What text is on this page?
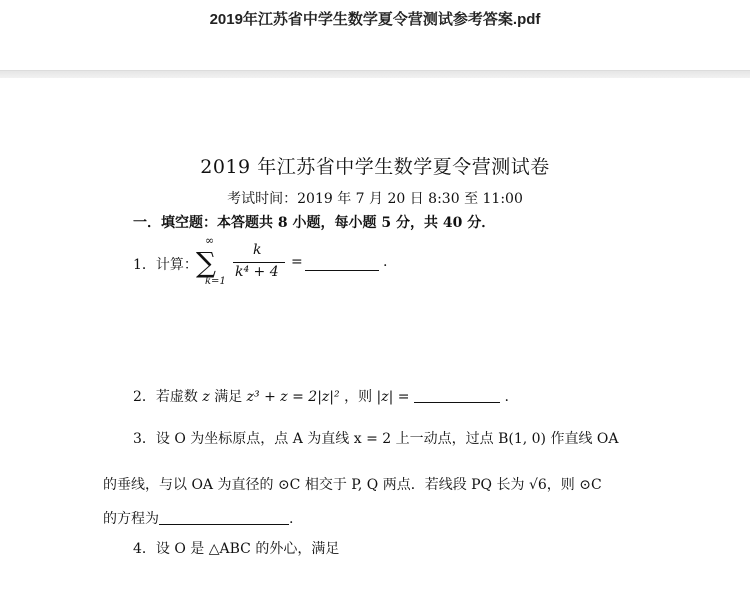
2019年江苏省中学生数学夏令营测试参考答案.pdf
2019 年江苏省中学生数学夏令营测试卷
考试时间：2019 年 7 月 20 日 8:30 至 11:00
一．填空题：本答题共 8 小题，每小题 5 分，共 40 分．
1．计算：
∞
∑
k=1
k
k⁴ + 4
=	.
2．若虚数 z 满足 z³ + z = 2|z|² ，则 |z| =	.
3．设 O 为坐标原点，点 A 为直线 x = 2 上一动点，过点 B(1, 0) 作直线 OA
的垂线，与以 OA 为直径的 ⊙C 相交于 P, Q 两点．若线段 PQ 长为 √6，则 ⊙C
的方程为	.
4．设 O 是 △ABC 的外心，满足
